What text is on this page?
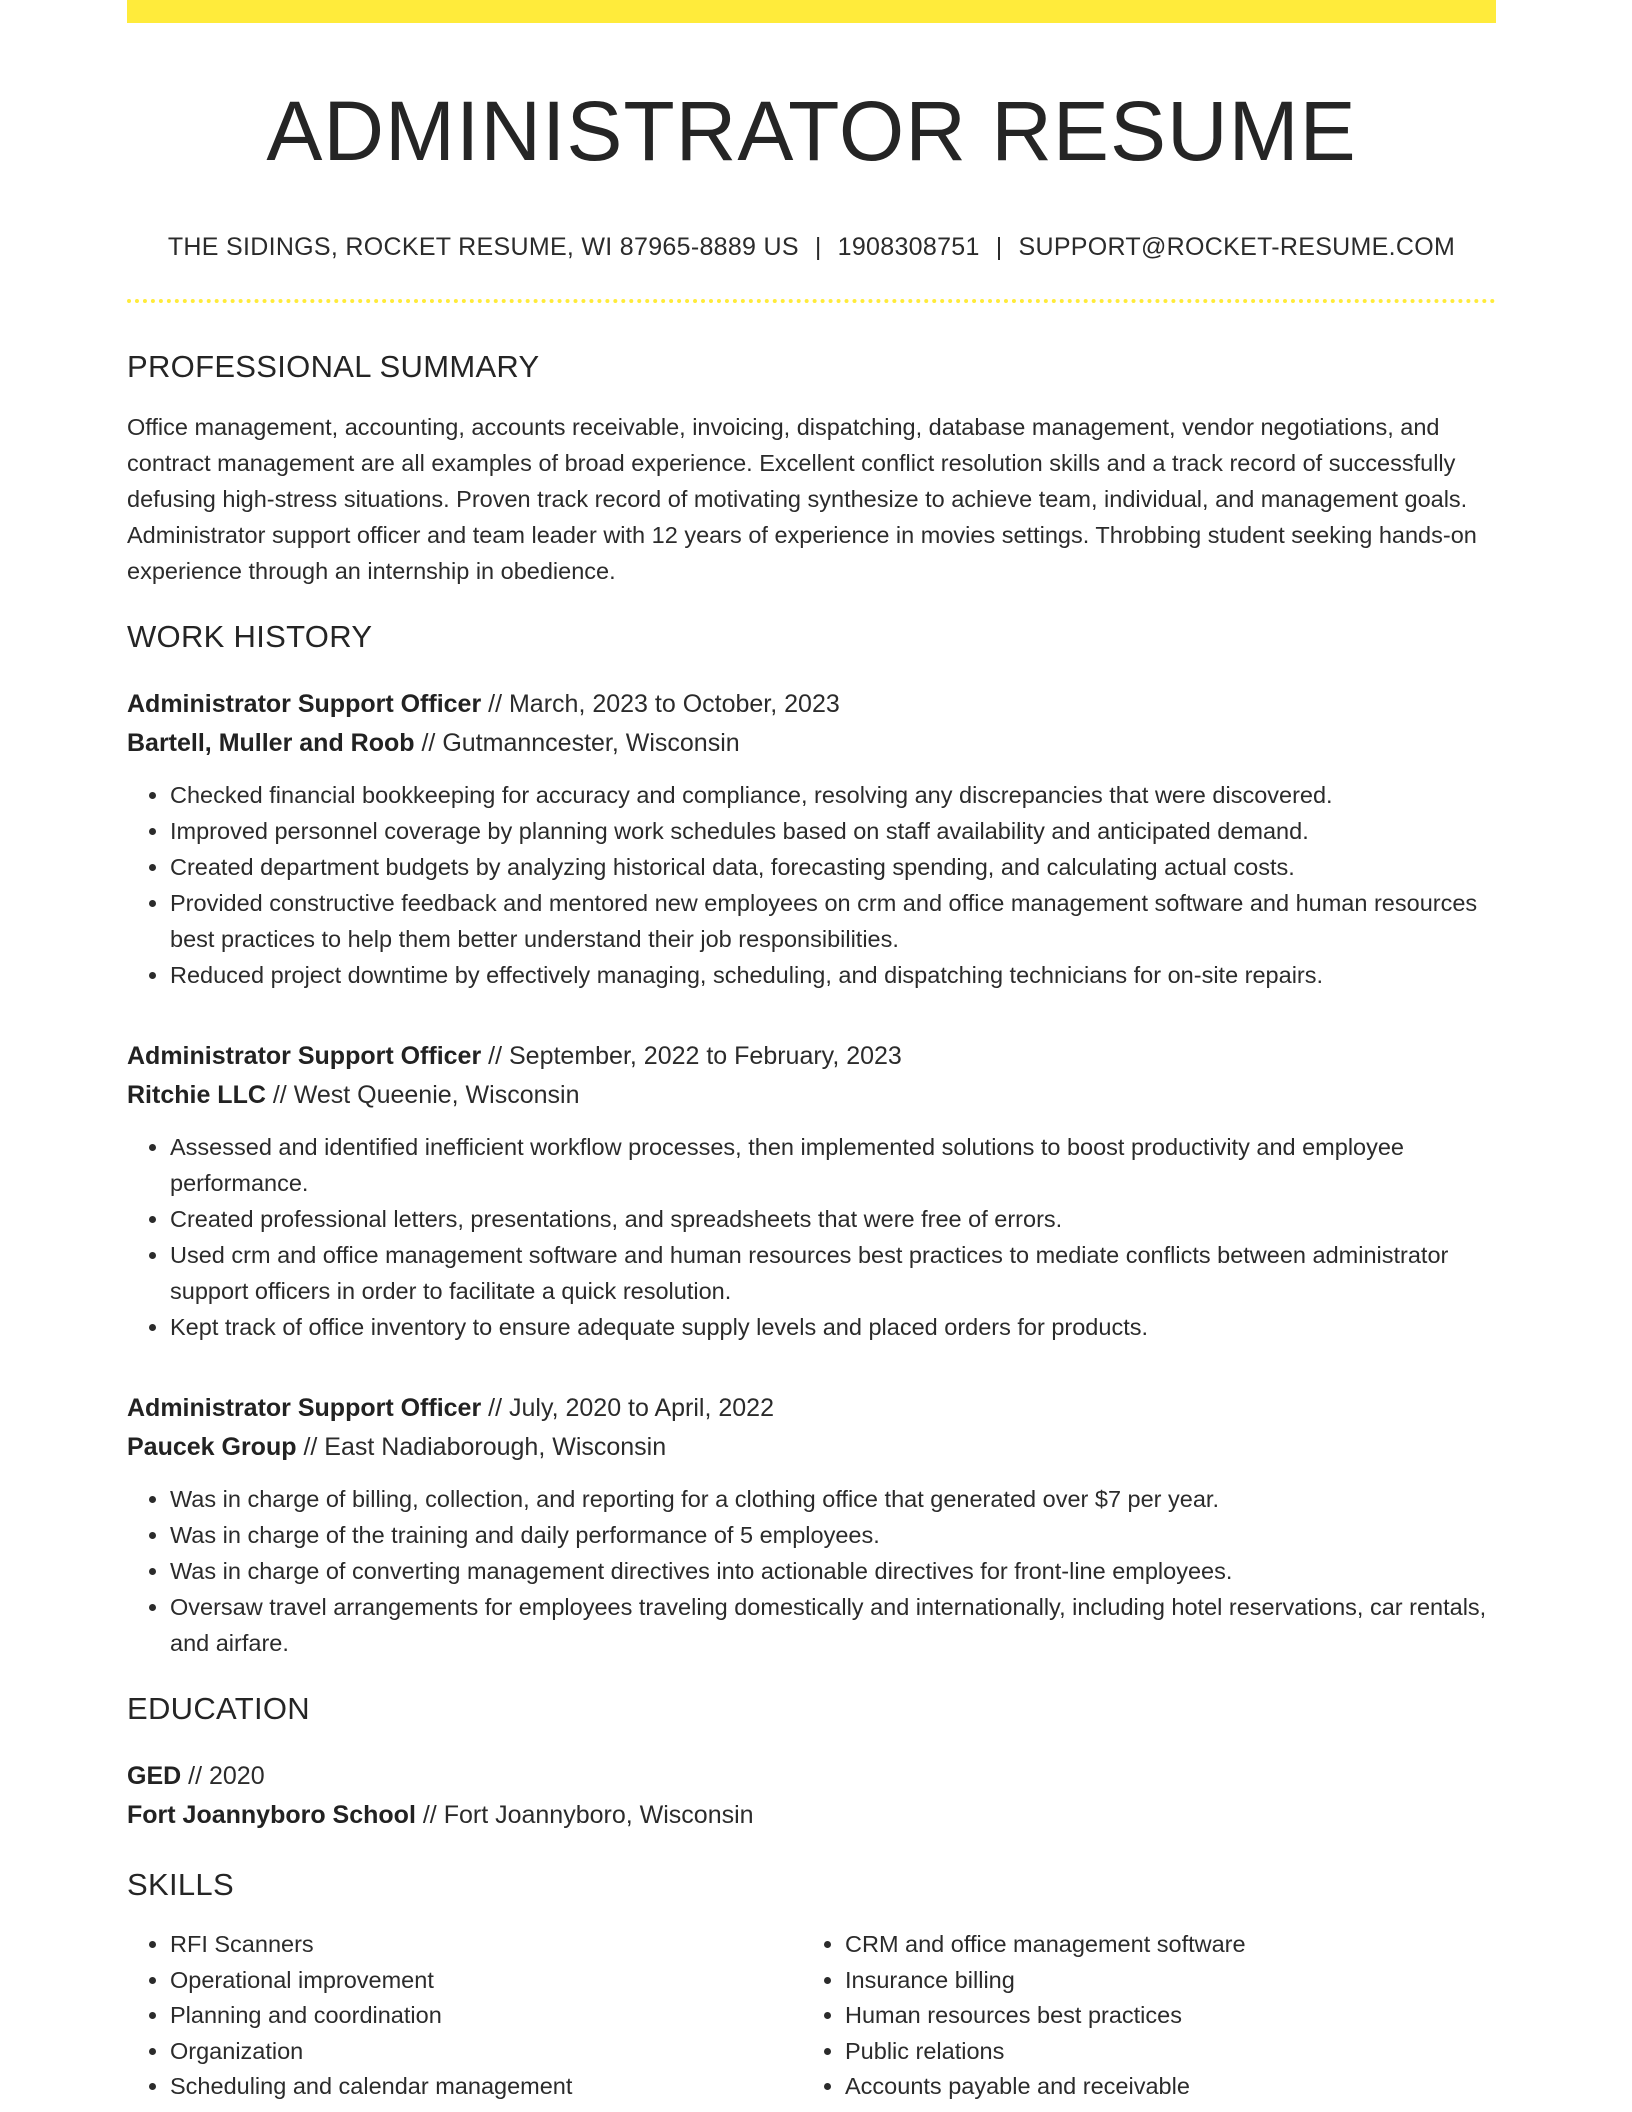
ADMINISTRATOR RESUME
THE SIDINGS, ROCKET RESUME, WI 87965-8889 US | 1908308751 | SUPPORT@ROCKET-RESUME.COM
PROFESSIONAL SUMMARY
Office management, accounting, accounts receivable, invoicing, dispatching, database management, vendor negotiations, and contract management are all examples of broad experience. Excellent conflict resolution skills and a track record of successfully defusing high-stress situations. Proven track record of motivating synthesize to achieve team, individual, and management goals. Administrator support officer and team leader with 12 years of experience in movies settings. Throbbing student seeking hands-on experience through an internship in obedience.
WORK HISTORY
Administrator Support Officer // March, 2023 to October, 2023
Bartell, Muller and Roob // Gutmanncester, Wisconsin
• Checked financial bookkeeping for accuracy and compliance, resolving any discrepancies that were discovered.
• Improved personnel coverage by planning work schedules based on staff availability and anticipated demand.
• Created department budgets by analyzing historical data, forecasting spending, and calculating actual costs.
• Provided constructive feedback and mentored new employees on crm and office management software and human resources best practices to help them better understand their job responsibilities.
• Reduced project downtime by effectively managing, scheduling, and dispatching technicians for on-site repairs.
Administrator Support Officer // September, 2022 to February, 2023
Ritchie LLC // West Queenie, Wisconsin
• Assessed and identified inefficient workflow processes, then implemented solutions to boost productivity and employee performance.
• Created professional letters, presentations, and spreadsheets that were free of errors.
• Used crm and office management software and human resources best practices to mediate conflicts between administrator support officers in order to facilitate a quick resolution.
• Kept track of office inventory to ensure adequate supply levels and placed orders for products.
Administrator Support Officer // July, 2020 to April, 2022
Paucek Group // East Nadiaborough, Wisconsin
• Was in charge of billing, collection, and reporting for a clothing office that generated over $7 per year.
• Was in charge of the training and daily performance of 5 employees.
• Was in charge of converting management directives into actionable directives for front-line employees.
• Oversaw travel arrangements for employees traveling domestically and internationally, including hotel reservations, car rentals, and airfare.
EDUCATION
GED // 2020
Fort Joannyboro School // Fort Joannyboro, Wisconsin
SKILLS
• RFI Scanners
• Operational improvement
• Planning and coordination
• Organization
• Scheduling and calendar management
• CRM and office management software
• Insurance billing
• Human resources best practices
• Public relations
• Accounts payable and receivable
